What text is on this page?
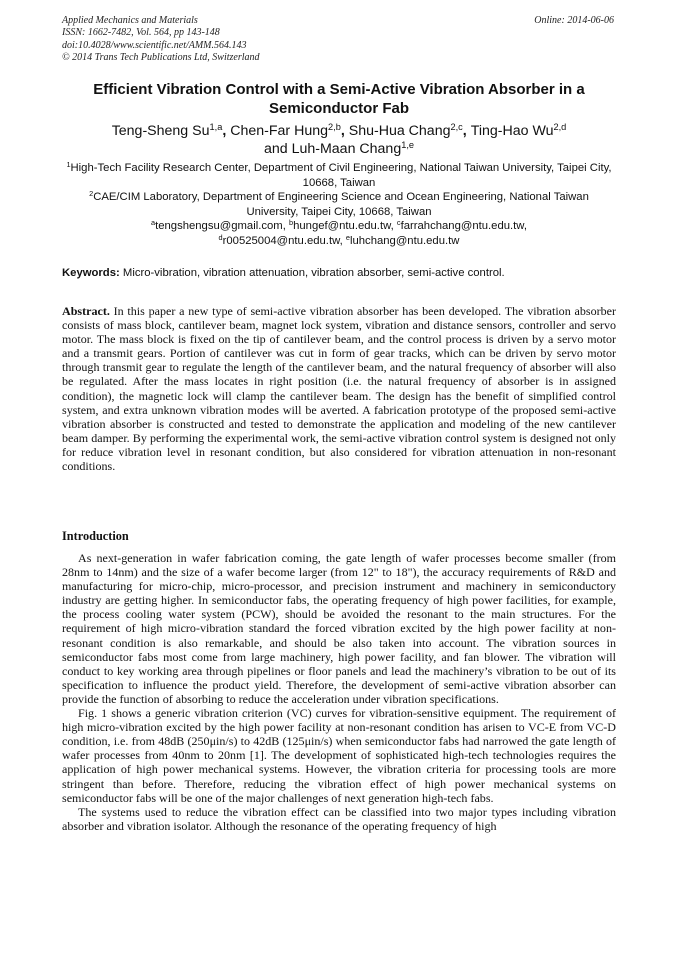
Applied Mechanics and Materials
ISSN: 1662-7482, Vol. 564, pp 143-148
doi:10.4028/www.scientific.net/AMM.564.143
© 2014 Trans Tech Publications Ltd, Switzerland
Online: 2014-06-06
Efficient Vibration Control with a Semi-Active Vibration Absorber in a Semiconductor Fab
Teng-Sheng Su$^{1,a}$, Chen-Far Hung$^{2,b}$, Shu-Hua Chang$^{2,c}$, Ting-Hao Wu$^{2,d}$
and Luh-Maan Chang$^{1,e}$
$^1$High-Tech Facility Research Center, Department of Civil Engineering, National Taiwan University, Taipei City, 10668, Taiwan
$^2$CAE/CIM Laboratory, Department of Engineering Science and Ocean Engineering, National Taiwan University, Taipei City, 10668, Taiwan
$^a$tengshengsu@gmail.com, $^b$hungef@ntu.edu.tw, $^c$farrahchang@ntu.edu.tw,
$^d$r00525004@ntu.edu.tw, $^e$luhchang@ntu.edu.tw
Keywords: Micro-vibration, vibration attenuation, vibration absorber, semi-active control.

Abstract. In this paper a new type of semi-active vibration absorber has been developed. The vibration absorber consists of mass block, cantilever beam, magnet lock system, vibration and distance sensors, controller and servo motor. The mass block is fixed on the tip of cantilever beam, and the control process is driven by a servo motor and a transmit gears. Portion of cantilever was cut in form of gear tracks, which can be driven by servo motor through transmit gear to regulate the length of the cantilever beam, and the natural frequency of absorber will also be regulated. After the mass locates in right position (i.e. the natural frequency of absorber is in assigned condition), the magnetic lock will clamp the cantilever beam. The design has the benefit of simplified control system, and extra unknown vibration modes will be averted. A fabrication prototype of the proposed semi-active vibration absorber is constructed and tested to demonstrate the application and modeling of the new cantilever beam damper. By performing the experimental work, the semi-active vibration control system is designed not only for reduce vibration level in resonant condition, but also considered for vibration attenuation in non-resonant conditions.

Introduction

As next-generation in wafer fabrication coming, the gate length of wafer processes become smaller (from 28nm to 14nm) and the size of a wafer become larger (from 12" to 18"), the accuracy requirements of R&D and manufacturing for micro-chip, micro-processor, and precision instrument and machinery in semiconductory industry are getting higher. In semiconductor fabs, the operating frequency of high power facilities, for example, the process cooling water system (PCW), should be avoided the resonant to the main structures. For the requirement of high micro-vibration standard the forced vibration excited by the high power facility at non-resonant condition is also remarkable, and should be also taken into account. The vibration sources in semiconductor fabs most come from large machinery, high power facility, and fan blower. The vibration will conduct to key working area through pipelines or floor panels and lead the machinery’s vibration to be out of its specification to influence the product yield. Therefore, the development of semi-active vibration absorber can provide the function of absorbing to reduce the acceleration under vibration specifications.

Fig. 1 shows a generic vibration criterion (VC) curves for vibration-sensitive equipment. The requirement of high micro-vibration excited by the high power facility at non-resonant condition has arisen to VC-E from VC-D condition, i.e. from 48dB (250μin/s) to 42dB (125μin/s) when semiconductor fabs had narrowed the gate length of wafer processes from 40nm to 20nm [1]. The development of sophisticated high-tech technologies requires the application of high power mechanical systems. However, the vibration criteria for processing tools are more stringent than before. Therefore, reducing the vibration effect of high power mechanical systems on semiconductor fabs will be one of the major challenges of next generation high-tech fabs.

The systems used to reduce the vibration effect can be classified into two major types including vibration absorber and vibration isolator. Although the resonance of the operating frequency of high
